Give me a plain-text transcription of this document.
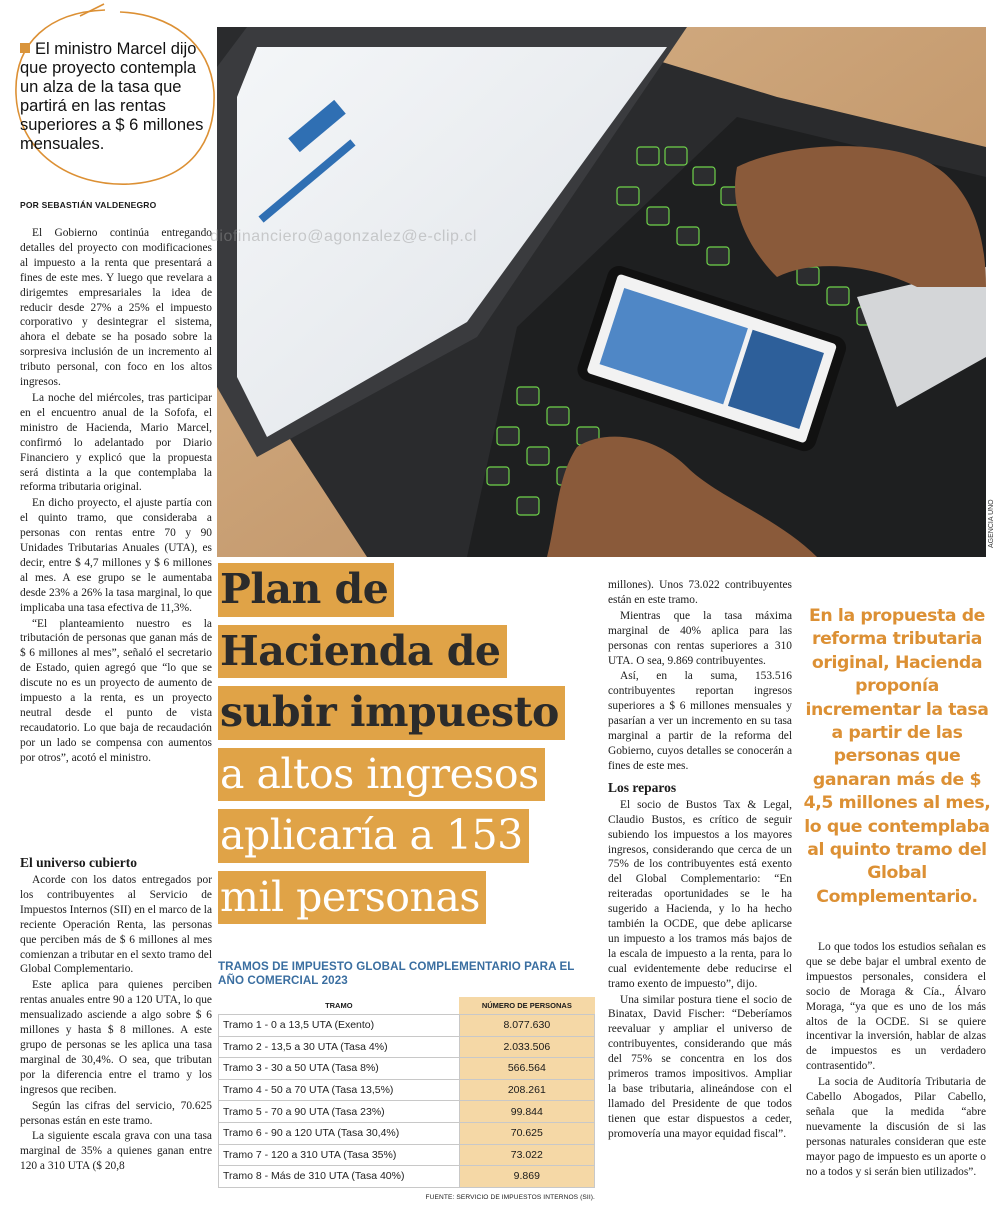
El ministro Marcel dijo que proyecto contempla un alza de la tasa que partirá en las rentas superiores a $ 6 millones mensuales.
POR SEBASTIÁN VALDENEGRO

El Gobierno continúa entregando detalles del proyecto con modificaciones al impuesto a la renta que presentará a fines de este mes. Y luego que revelara a dirigemtes empresariales la idea de reducir desde 27% a 25% el impuesto corporativo y desintegrar el sistema, ahora el debate se ha posado sobre la sorpresiva inclusión de un incremento al tributo personal, con foco en los altos ingresos.

La noche del miércoles, tras participar en el encuentro anual de la Sofofa, el ministro de Hacienda, Mario Marcel, confirmó lo adelantado por Diario Financiero y explicó que la propuesta será distinta a la que contemplaba la reforma tributaria original.

En dicho proyecto, el ajuste partía con el quinto tramo, que consideraba a personas con rentas entre 70 y 90 Unidades Tributarias Anuales (UTA), es decir, entre $ 4,7 millones y $ 6 millones al mes. A ese grupo se le aumentaba desde 23% a 26% la tasa marginal, lo que implicaba una tasa efectiva de 11,3%.

“El planteamiento nuestro es la tributación de personas que ganan más de $ 6 millones al mes”, señaló el secretario de Estado, quien agregó que “lo que se discute no es un proyecto de aumento de impuesto a la renta, es un proyecto neutral desde el punto de vista recaudatorio. Lo que baja de recaudación por un lado se compensa con aumentos por otros”, acotó el ministro.

El universo cubierto

Acorde con los datos entregados por los contribuyentes al Servicio de Impuestos Internos (SII) en el marco de la reciente Operación Renta, las personas que perciben más de $ 6 millones al mes comienzan a tributar en el sexto tramo del Global Complementario.

Este aplica para quienes perciben rentas anuales entre 90 a 120 UTA, lo que mensualizado asciende a algo sobre $ 6 millones y hasta $ 8 millones. A este grupo de personas se les aplica una tasa marginal de 30,4%. O sea, que tributan por la diferencia entre el tramo y los ingresos que reciben.

Según las cifras del servicio, 70.625 personas están en este tramo.

La siguiente escala grava con una tasa marginal de 35% a quienes ganan entre 120 a 310 UTA ($ 20,8

diofinanciero@agonzalez@e-clip.cl
AGENCIA UNO
Plan de
Hacienda de
subir impuesto
a altos ingresos
aplicaría a 153
mil personas

millones). Unos 73.022 contribuyentes están en este tramo.

Mientras que la tasa máxima marginal de 40% aplica para las personas con rentas superiores a 310 UTA. O sea, 9.869 contribuyentes.

Así, en la suma, 153.516 contribuyentes reportan ingresos superiores a $ 6 millones mensuales y pasarían a ver un incremento en su tasa marginal a partir de la reforma del Gobierno, cuyos detalles se conocerán a fines de este mes.

Los reparos

El socio de Bustos Tax & Legal, Claudio Bustos, es crítico de seguir subiendo los impuestos a los mayores ingresos, considerando que cerca de un 75% de los contribuyentes está exento del Global Complementario: “En reiteradas oportunidades se le ha sugerido a Hacienda, y lo ha hecho también la OCDE, que debe aplicarse un impuesto a los tramos más bajos de la escala de impuesto a la renta, para lo cual evidentemente debe reducirse el tramo exento de impuesto”, dijo.

Una similar postura tiene el socio de Binatax, David Fischer: “Deberíamos reevaluar y ampliar el universo de contribuyentes, considerando que más del 75% se concentra en los dos primeros tramos impositivos. Ampliar la base tributaria, alineándose con el llamado del Presidente de que todos tienen que estar dispuestos a ceder, promovería una mayor equidad fiscal”.

En la propuesta de reforma tributaria original, Hacienda proponía incrementar la tasa a partir de las personas que ganaran más de $ 4,5 millones al mes, lo que contemplaba al quinto tramo del Global Complementario.

Lo que todos los estudios señalan es que se debe bajar el umbral exento de impuestos personales, considera el socio de Moraga & Cía., Álvaro Moraga, “ya que es uno de los más altos de la OCDE. Si se quiere incentivar la inversión, hablar de alzas de impuestos es un verdadero contrasentido”.

La socia de Auditoría Tributaria de Cabello Abogados, Pilar Cabello, señala que la medida “abre nuevamente la discusión de si las personas naturales consideran que este mayor pago de impuesto es un aporte o no a todos y si serán bien utilizados”.

TRAMOS DE IMPUESTO GLOBAL COMPLEMENTARIO PARA EL AÑO COMERCIAL 2023
TRAMO	NÚMERO DE PERSONAS
Tramo 1 - 0 a 13,5 UTA (Exento)	8.077.630
Tramo 2 - 13,5 a 30 UTA (Tasa 4%)	2.033.506
Tramo 3 - 30 a 50 UTA (Tasa 8%)	566.564
Tramo 4 - 50 a 70 UTA (Tasa 13,5%)	208.261
Tramo 5 - 70 a 90 UTA (Tasa 23%)	99.844
Tramo 6 - 90 a 120 UTA (Tasa 30,4%)	70.625
Tramo 7 - 120 a 310 UTA (Tasa 35%)	73.022
Tramo 8 - Más de 310 UTA (Tasa 40%)	9.869
FUENTE: SERVICIO DE IMPUESTOS INTERNOS (SII).
